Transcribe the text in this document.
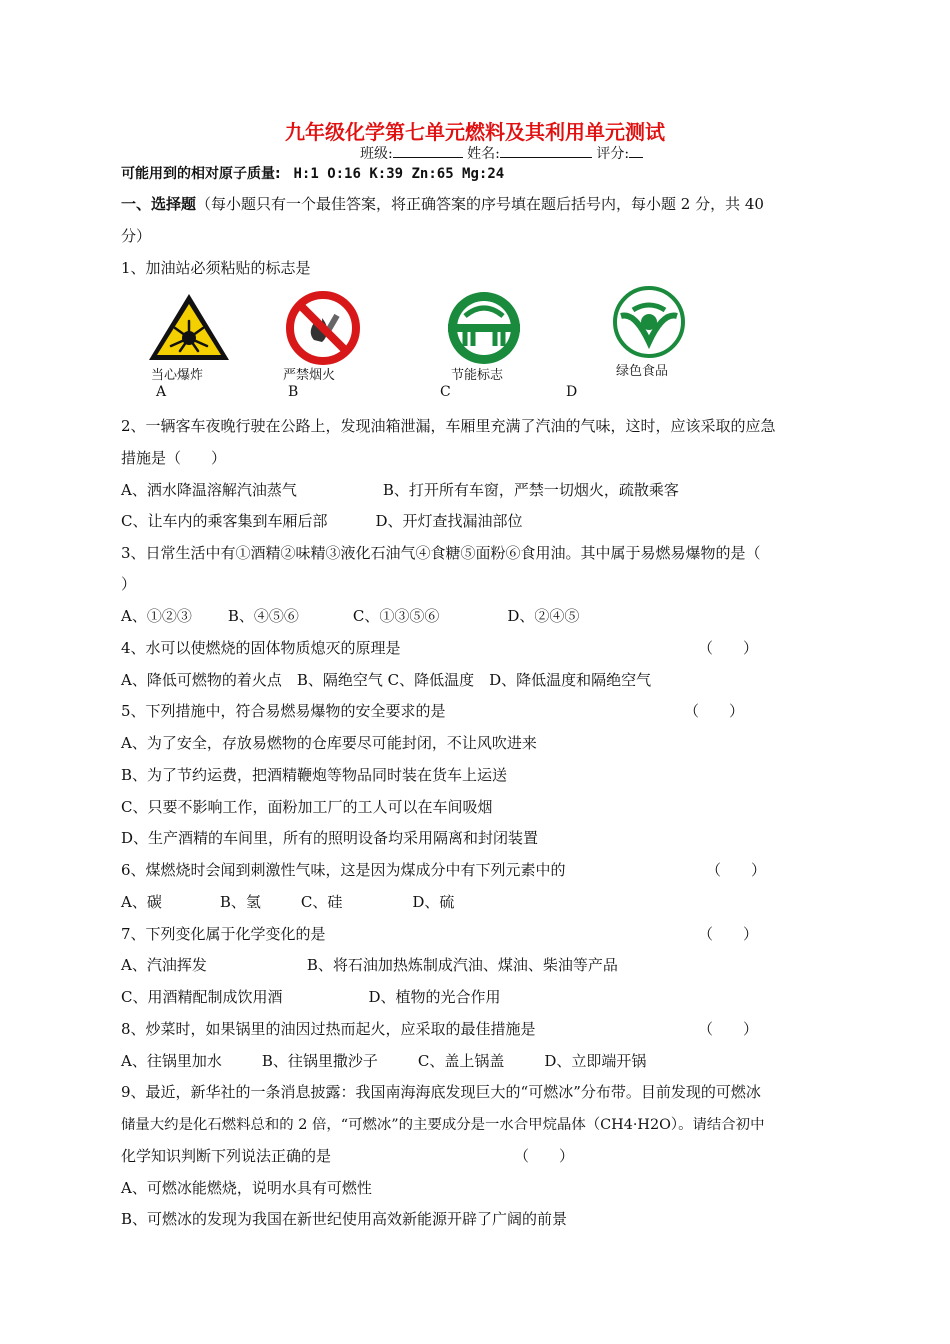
九年级化学第七单元燃料及其利用单元测试
班级:	姓名:	评分:
可能用到的相对原子质量: H:1 O:16 K:39 Zn:65 Mg:24
一、选择题（每小题只有一个最佳答案，将正确答案的序号填在题后括号内，每小题 2 分，共 40
分）
1、加油站必须粘贴的标志是
当心爆炸
A
严禁烟火
B
节能标志
C
绿色食品
D
2、一辆客车夜晚行驶在公路上，发现油箱泄漏，车厢里充满了汽油的气味，这时，应该采取的应急
措施是（　　）
A、洒水降温溶解汽油蒸气	B、打开所有车窗，严禁一切烟火，疏散乘客
C、让车内的乘客集到车厢后部	D、开灯查找漏油部位
3、日常生活中有①酒精②味精③液化石油气④食糖⑤面粉⑥食用油。其中属于易燃易爆物的是（
）
A、①②③ B、④⑤⑥	C、①③⑤⑥	D、②④⑤
4、水可以使燃烧的固体物质熄灭的原理是	（　　）
A、降低可燃物的着火点　B、隔绝空气 C、降低温度　D、降低温度和隔绝空气
5、下列措施中，符合易燃易爆物的安全要求的是	（　　）
A、为了安全，存放易燃物的仓库要尽可能封闭，不让风吹进来
B、为了节约运费，把酒精鞭炮等物品同时装在货车上运送
C、只要不影响工作，面粉加工厂的工人可以在车间吸烟
D、生产酒精的车间里，所有的照明设备均采用隔离和封闭装置
6、煤燃烧时会闻到刺激性气味，这是因为煤成分中有下列元素中的	（　　）
A、碳	B、氢	C、硅	D、硫
7、下列变化属于化学变化的是	（　　）
A、汽油挥发	B、将石油加热炼制成汽油、煤油、柴油等产品
C、用酒精配制成饮用酒	D、植物的光合作用
8、炒菜时，如果锅里的油因过热而起火，应采取的最佳措施是	（　　）
A、往锅里加水	B、往锅里撒沙子	C、盖上锅盖	D、立即端开锅
9、最近，新华社的一条消息披露：我国南海海底发现巨大的“可燃冰”分布带。目前发现的可燃冰
储量大约是化石燃料总和的 2 倍，“可燃冰”的主要成分是一水合甲烷晶体（CH4·H2O）。请结合初中
化学知识判断下列说法正确的是	（　　）
A、可燃冰能燃烧，说明水具有可燃性
B、可燃冰的发现为我国在新世纪使用高效新能源开辟了广阔的前景
